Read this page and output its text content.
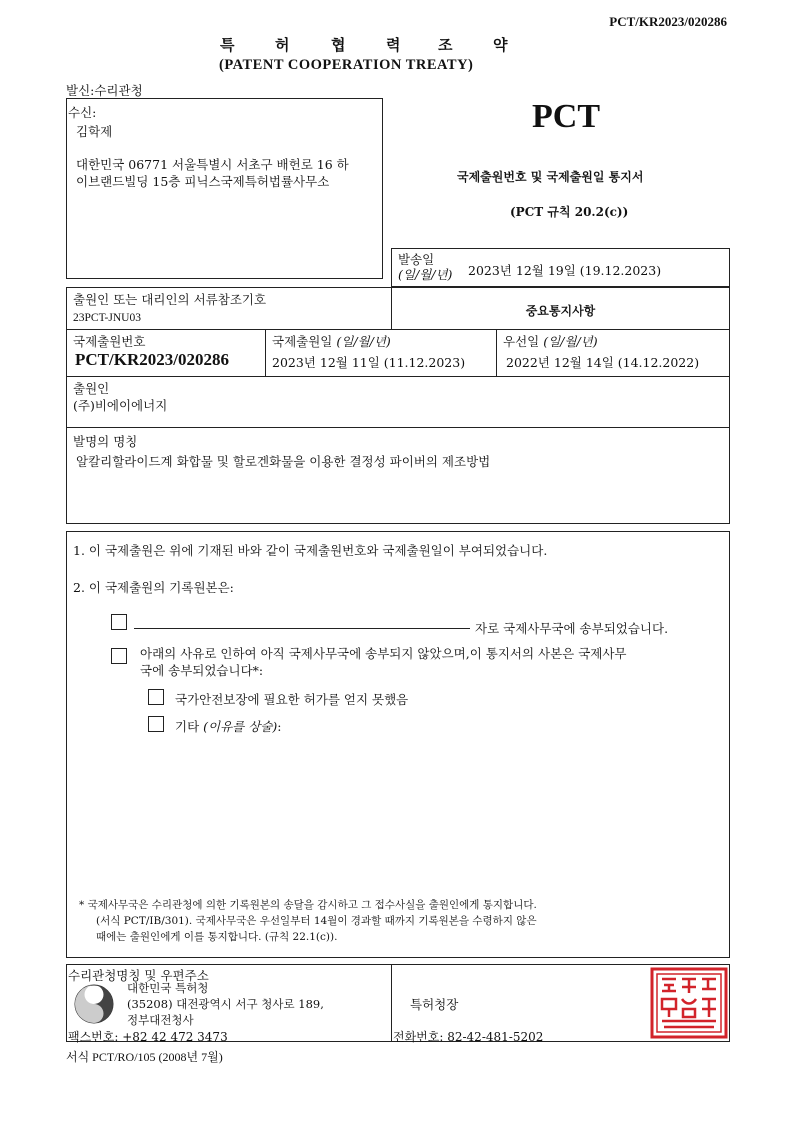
PCT/KR2023/020286
특	허	협	력	조	약
(PATENT COOPERATION TREATY)
발신:수리관청
수신:
김학제
대한민국 06771 서울특별시 서초구 배헌로 16 하
이브랜드빌딩 15층 피닉스국제특허법률사무소
PCT
국제출원번호 및 국제출원일 통지서
(PCT 규칙 20.2(c))
발송일
(일/월/년) 2023년 12월 19일 (19.12.2023)
출원인 또는 대리인의 서류참조기호
23PCT-JNU03	중요통지사항
국제출원번호
PCT/KR2023/020286
국제출원일 (일/월/년)
2023년 12월 11일 (11.12.2023)
우선일 (일/월/년)
2022년 12월 14일 (14.12.2022)
출원인
(주)비에이에너지
발명의 명칭
알칼리할라이드계 화합물 및 할로겐화물을 이용한 결정성 파이버의 제조방법
1. 이 국제출원은 위에 기재된 바와 같이 국제출원번호와 국제출원일이 부여되었습니다.
2. 이 국제출원의 기록원본은:
자로 국제사무국에 송부되었습니다.
아래의 사유로 인하여 아직 국제사무국에 송부되지 않았으며,이 통지서의 사본은 국제사무
국에 송부되었습니다*:
국가안전보장에 필요한 허가를 얻지 못했음
기타 (이유를 상술):
* 국제사무국은 수리관청에 의한 기록원본의 송달을 감시하고 그 접수사실을 출원인에게 통지합니다.
(서식 PCT/IB/301). 국제사무국은 우선일부터 14월이 경과할 때까지 기록원본을 수령하지 않은
때에는 출원인에게 이를 통지합니다. (규칙 22.1(c)).
수리관청명칭 및 우편주소
대한민국 특허청
(35208) 대전광역시 서구 청사로 189,
정부대전청사
팩스번호: +82 42 472 3473
특허청장
전화번호: 82-42-481-5202
서식 PCT/RO/105 (2008년 7월)
